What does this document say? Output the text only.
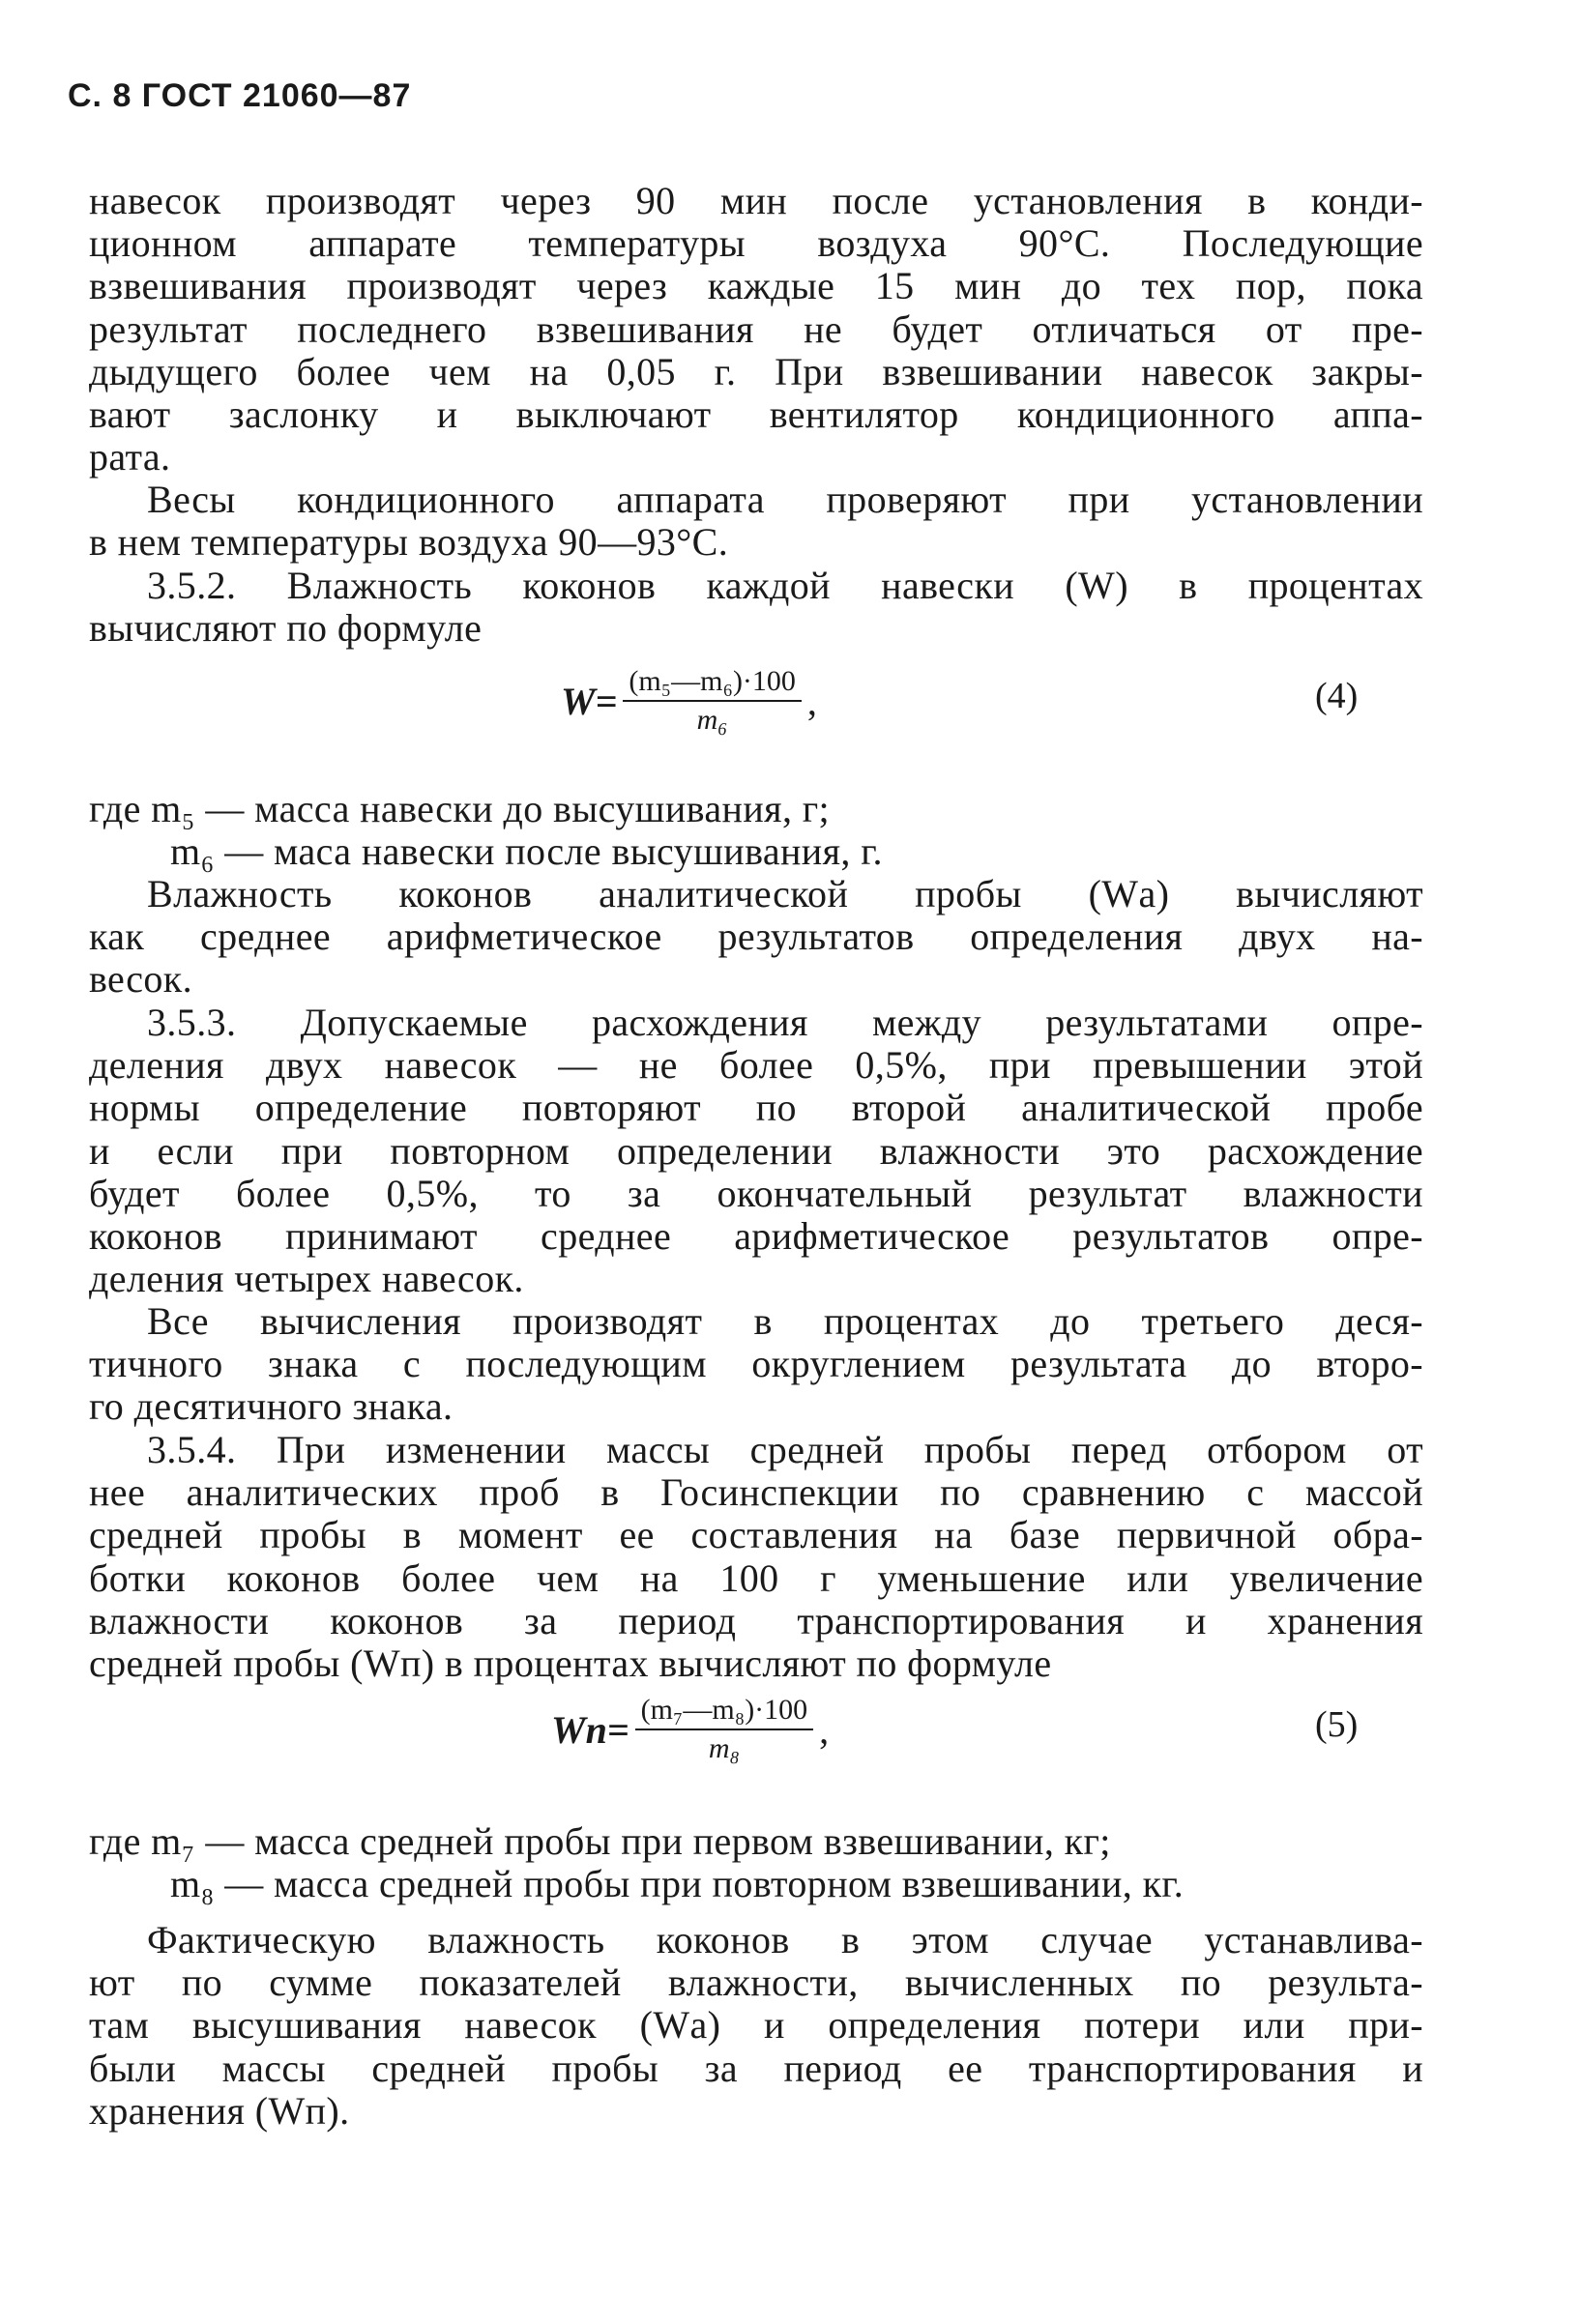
С. 8 ГОСТ 21060—87
навесок производят через 90 мин после установления в конди-
ционном аппарате температуры воздуха 90°С. Последующие
взвешивания производят через каждые 15 мин до тех пор, пока
результат последнего взвешивания не будет отличаться от пре-
дыдущего более чем на 0,05 г. При взвешивании навесок закры-
вают заслонку и выключают вентилятор кондиционного аппа-
рата.
Весы кондиционного аппарата проверяют при установлении
в нем температуры воздуха 90—93°С.
3.5.2. Влажность коконов каждой навески (W) в процентах
вычисляют по формуле
$W= \frac{\text{(m₅—m₆)·100}}{\text{m₆}}$ ,	(4)
где m₅ — масса навески до высушивания, г;
m₆ — маса навески после высушивания, г.
Влажность коконов аналитической пробы (Wа) вычисляют
как среднее арифметическое результатов определения двух на-
весок.
3.5.3. Допускаемые расхождения между результатами опре-
деления двух навесок — не более 0,5%, при превышении этой
нормы определение повторяют по второй аналитической пробе
и если при повторном определении влажности это расхождение
будет более 0,5%, то за окончательный результат влажности
коконов принимают среднее арифметическое результатов опре-
деления четырех навесок.
Все вычисления производят в процентах до третьего деся-
тичного знака с последующим округлением результата до второ-
го десятичного знака.
3.5.4. При изменении массы средней пробы перед отбором от
нее аналитических проб в Госинспекции по сравнению с массой
средней пробы в момент ее составления на базе первичной обра-
ботки коконов более чем на 100 г уменьшение или увеличение
влажности коконов за период транспортирования и хранения
средней пробы (Wп) в процентах вычисляют по формуле
$Wп= \frac{\text{(m₇—m₈)·100}}{\text{m₈}}$ ,	(5)
где m₇ — масса средней пробы при первом взвешивании, кг;
m₈ — масса средней пробы при повторном взвешивании, кг.
Фактическую влажность коконов в этом случае устанавлива-
ют по сумме показателей влажности, вычисленных по результа-
там высушивания навесок (Wа) и определения потери или при-
были массы средней пробы за период ее транспортирования и
хранения (Wп).
